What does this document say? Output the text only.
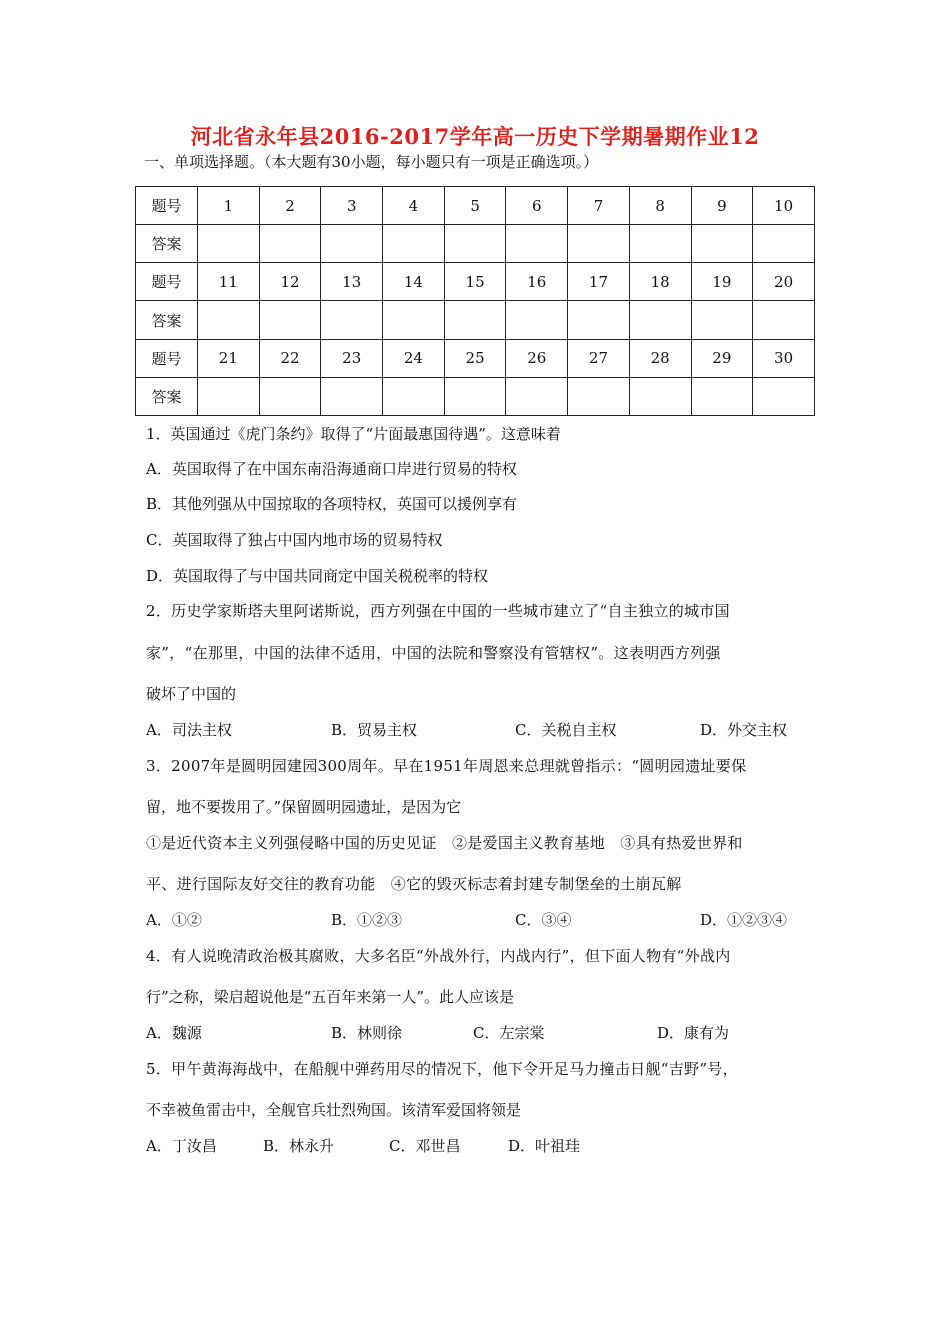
河北省永年县2016-2017学年高一历史下学期暑期作业12
一、单项选择题。（本大题有30小题，每小题只有一项是正确选项。）
题号	1	2	3	4	5	6	7	8	9	10
答案										
题号	11	12	13	14	15	16	17	18	19	20
答案										
题号	21	22	23	24	25	26	27	28	29	30
答案										
1．英国通过《虎门条约》取得了“片面最惠国待遇”。这意味着
A．英国取得了在中国东南沿海通商口岸进行贸易的特权
B．其他列强从中国掠取的各项特权，英国可以援例享有
C．英国取得了独占中国内地市场的贸易特权
D．英国取得了与中国共同商定中国关税税率的特权
2．历史学家斯塔夫里阿诺斯说，西方列强在中国的一些城市建立了“自主独立的城市国
家”，“在那里，中国的法律不适用，中国的法院和警察没有管辖权”。这表明西方列强
破坏了中国的
A．司法主权	B．贸易主权	C．关税自主权	D．外交主权
3．2007年是圆明园建园300周年。早在1951年周恩来总理就曾指示：“圆明园遗址要保
留，地不要拨用了。”保留圆明园遗址，是因为它
①是近代资本主义列强侵略中国的历史见证　②是爱国主义教育基地　③具有热爱世界和
平、进行国际友好交往的教育功能　④它的毁灭标志着封建专制堡垒的土崩瓦解
A．①②	B．①②③	C．③④	D．①②③④
4．有人说晚清政治极其腐败，大多名臣“外战外行，内战内行”，但下面人物有“外战内
行”之称，梁启超说他是“五百年来第一人”。此人应该是
A．魏源	B．林则徐	C．左宗棠	D．康有为
5．甲午黄海海战中，在船舰中弹药用尽的情况下，他下令开足马力撞击日舰“吉野”号，
不幸被鱼雷击中，全舰官兵壮烈殉国。该清军爱国将领是
A．丁汝昌	B．林永升	C．邓世昌	D．叶祖珪
